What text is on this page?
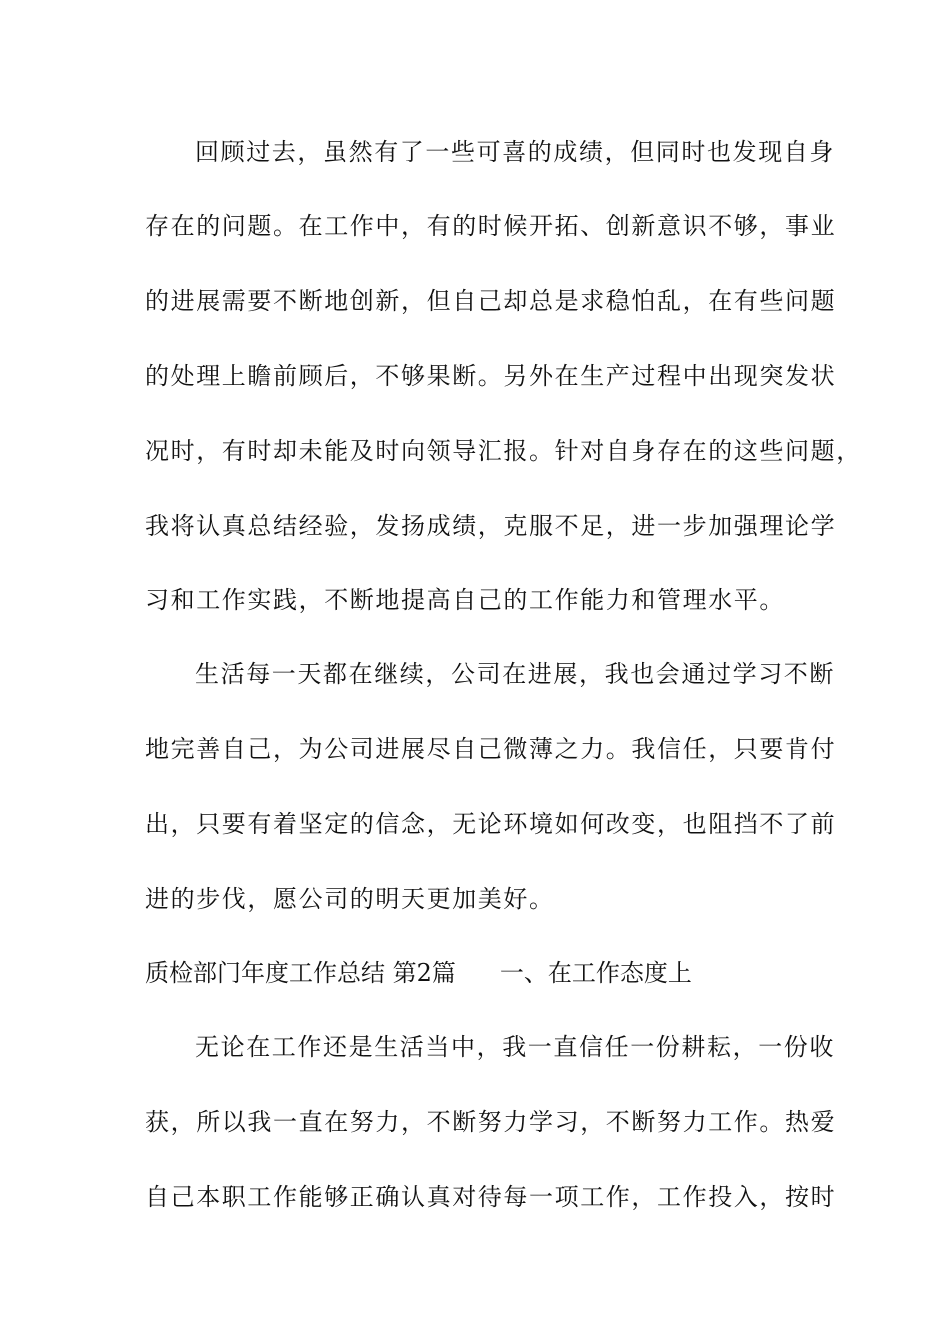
回顾过去，虽然有了一些可喜的成绩，但同时也发现自身
存在的问题。在工作中，有的时候开拓、创新意识不够，事业
的进展需要不断地创新，但自己却总是求稳怕乱，在有些问题
的处理上瞻前顾后，不够果断。另外在生产过程中出现突发状
况时，有时却未能及时向领导汇报。针对自身存在的这些问题，
我将认真总结经验，发扬成绩，克服不足，进一步加强理论学
习和工作实践，不断地提高自己的工作能力和管理水平。
生活每一天都在继续，公司在进展，我也会通过学习不断
地完善自己，为公司进展尽自己微薄之力。我信任，只要肯付
出，只要有着坚定的信念，无论环境如何改变，也阻挡不了前
进的步伐，愿公司的明天更加美好。
质检部门年度工作总结 第2篇 一、在工作态度上
无论在工作还是生活当中，我一直信任一份耕耘，一份收
获，所以我一直在努力，不断努力学习，不断努力工作。热爱
自己本职工作能够正确认真对待每一项工作，工作投入，按时
